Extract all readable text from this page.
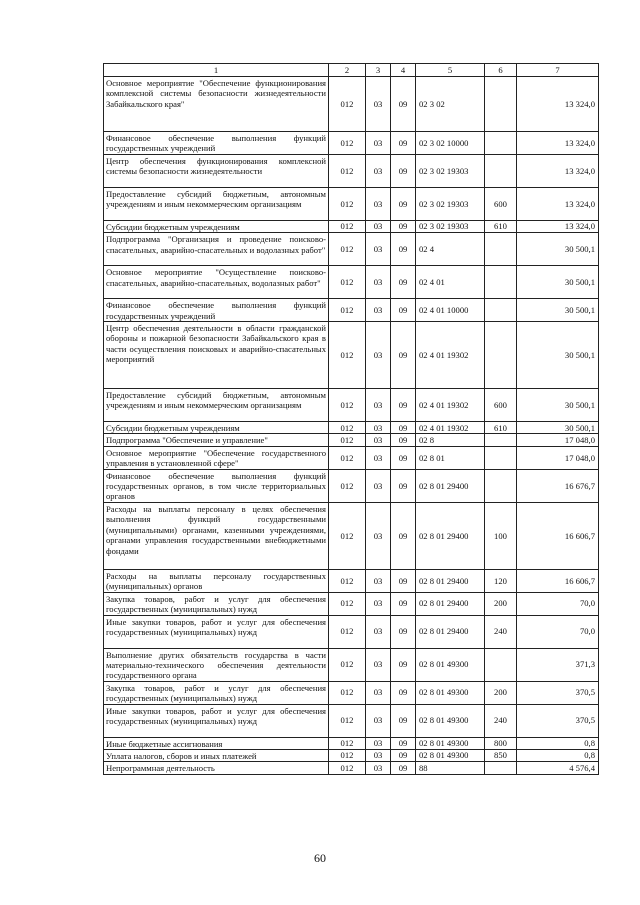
1	2	3	4	5	6	7
Основное мероприятие "Обеспечение функционирования комплексной системы безопасности жизнедеятельности Забайкальского края"	012	03	09	02 3 02		13 324,0
Финансовое обеспечение выполнения функций государственных учреждений	012	03	09	02 3 02 10000		13 324,0
Центр обеспечения функционирования комплексной системы безопасности жизнедеятельности	012	03	09	02 3 02 19303		13 324,0
Предоставление субсидий бюджетным, автономным учреждениям и иным некоммерческим организациям	012	03	09	02 3 02 19303	600	13 324,0
Субсидии бюджетным учреждениям	012	03	09	02 3 02 19303	610	13 324,0
Подпрограмма "Организация и проведение поисково-спасательных, аварийно-спасательных и водолазных работ"	012	03	09	02 4		30 500,1
Основное мероприятие "Осуществление поисково-спасательных, аварийно-спасательных, водолазных работ"	012	03	09	02 4 01		30 500,1
Финансовое обеспечение выполнения функций государственных учреждений	012	03	09	02 4 01 10000		30 500,1
Центр обеспечения деятельности в области гражданской обороны и пожарной безопасности Забайкальского края в части осуществления поисковых и аварийно-спасательных мероприятий	012	03	09	02 4 01 19302		30 500,1
Предоставление субсидий бюджетным, автономным учреждениям и иным некоммерческим организациям	012	03	09	02 4 01 19302	600	30 500,1
Субсидии бюджетным учреждениям	012	03	09	02 4 01 19302	610	30 500,1
Подпрограмма "Обеспечение и управление"	012	03	09	02 8		17 048,0
Основное мероприятие "Обеспечение государственного управления в установленной сфере"	012	03	09	02 8 01		17 048,0
Финансовое обеспечение выполнения функций государственных органов, в том числе территориальных органов	012	03	09	02 8 01 29400		16 676,7
Расходы на выплаты персоналу в целях обеспечения выполнения функций государственными (муниципальными) органами, казенными учреждениями, органами управления государственными внебюджетными фондами	012	03	09	02 8 01 29400	100	16 606,7
Расходы на выплаты персоналу государственных (муниципальных) органов	012	03	09	02 8 01 29400	120	16 606,7
Закупка товаров, работ и услуг для обеспечения государственных (муниципальных) нужд	012	03	09	02 8 01 29400	200	70,0
Иные закупки товаров, работ и услуг для обеспечения государственных (муниципальных) нужд	012	03	09	02 8 01 29400	240	70,0
Выполнение других обязательств государства в части материально-технического обеспечения деятельности государственного органа	012	03	09	02 8 01 49300		371,3
Закупка товаров, работ и услуг для обеспечения государственных (муниципальных) нужд	012	03	09	02 8 01 49300	200	370,5
Иные закупки товаров, работ и услуг для обеспечения государственных (муниципальных) нужд	012	03	09	02 8 01 49300	240	370,5
Иные бюджетные ассигнования	012	03	09	02 8 01 49300	800	0,8
Уплата налогов, сборов и иных платежей	012	03	09	02 8 01 49300	850	0,8
Непрограммная деятельность	012	03	09	88		4 576,4
60
